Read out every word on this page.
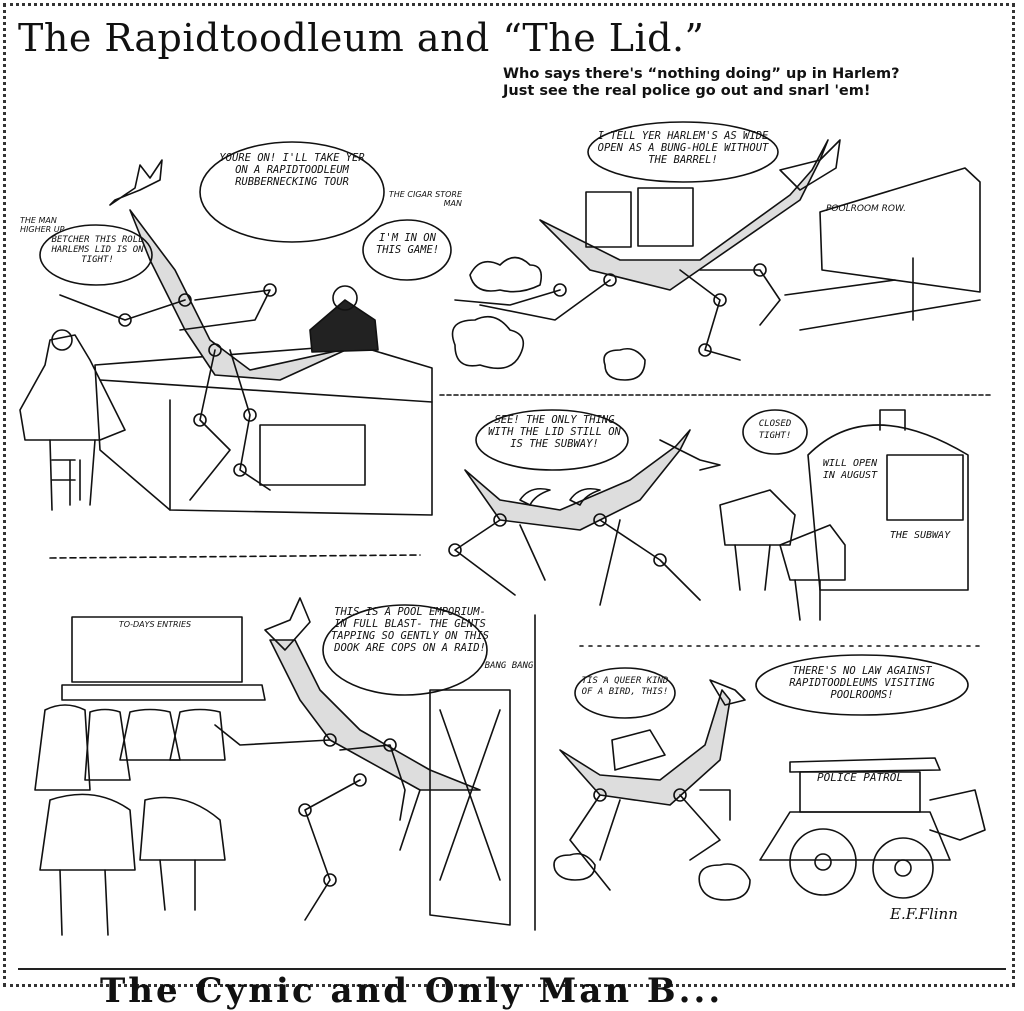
The Rapidtoodleum and “The Lid.”
Who says there's “nothing doing” up in Harlem?
Just see the real police go out and snarl 'em!
YOURE ON! I'LL TAKE YER ON A RAPIDTOODLEUM RUBBERNECKING TOUR
BETCHER THIS ROLL HARLEMS LID IS ON TIGHT!
I'M IN ON THIS GAME!
THE MAN HIGHER UP
THE CIGAR STORE MAN
I TELL YER HARLEM'S AS WIDE OPEN AS A BUNG-HOLE WITHOUT THE BARREL!
POOLROOM ROW.
SEE! THE ONLY THING WITH THE LID STILL ON IS THE SUBWAY!
CLOSED TIGHT!
WILL OPEN IN AUGUST
THE SUBWAY
TO-DAYS ENTRIES
THIS IS A POOL EMPORIUM- IN FULL BLAST- THE GENTS TAPPING SO GENTLY ON THIS DOOK ARE COPS ON A RAID!
BANG BANG
TIS A QUEER KIND OF A BIRD, THIS!
THERE'S NO LAW AGAINST RAPIDTOODLEUMS VISITING POOLROOMS!
POLICE PATROL
E.F.Flinn
The Cynic and Only Man B...
